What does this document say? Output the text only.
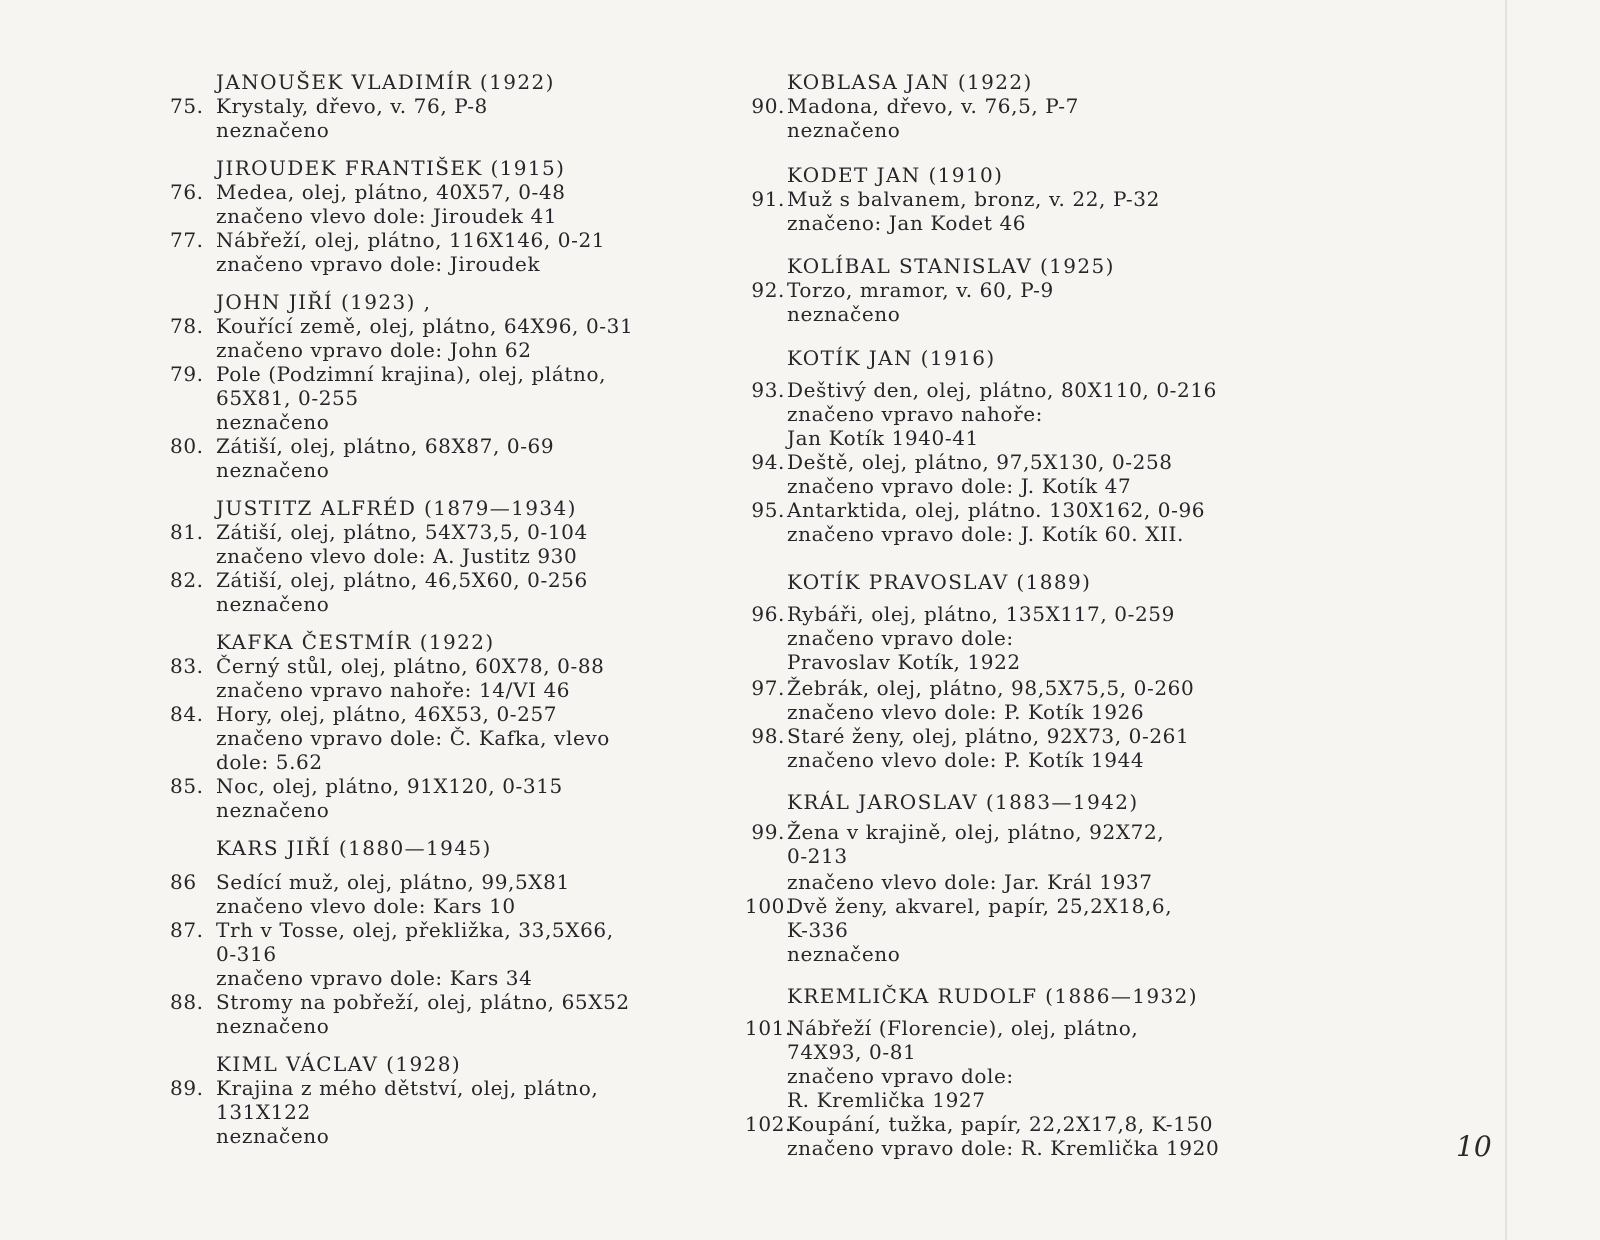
JANOUŠEK VLADIMÍR (1922)
75. Krystaly, dřevo, v. 76, P-8
neznačeno
JIROUDEK FRANTIŠEK (1915)
76. Medea, olej, plátno, 40X57, 0-48
značeno vlevo dole: Jiroudek 41
77. Nábřeží, olej, plátno, 116X146, 0-21
značeno vpravo dole: Jiroudek
JOHN JIŘÍ (1923) ,
78. Kouřící země, olej, plátno, 64X96, 0-31
značeno vpravo dole: John 62
79. Pole (Podzimní krajina), olej, plátno,
65X81, 0-255
neznačeno
80. Zátiší, olej, plátno, 68X87, 0-69
neznačeno
JUSTITZ ALFRÉD (1879—1934)
81. Zátiší, olej, plátno, 54X73,5, 0-104
značeno vlevo dole: A. Justitz 930
82. Zátiší, olej, plátno, 46,5X60, 0-256
neznačeno
KAFKA ČESTMÍR (1922)
83. Černý stůl, olej, plátno, 60X78, 0-88
značeno vpravo nahoře: 14/VI 46
84. Hory, olej, plátno, 46X53, 0-257
značeno vpravo dole: Č. Kafka, vlevo
dole: 5.62
85. Noc, olej, plátno, 91X120, 0-315
neznačeno
KARS JIŘÍ (1880—1945)
86 Sedící muž, olej, plátno, 99,5X81
značeno vlevo dole: Kars 10
87. Trh v Tosse, olej, překližka, 33,5X66,
0-316
značeno vpravo dole: Kars 34
88. Stromy na pobřeží, olej, plátno, 65X52
neznačeno
KIML VÁCLAV (1928)
89. Krajina z mého dětství, olej, plátno,
131X122
neznačeno
KOBLASA JAN (1922)
90. Madona, dřevo, v. 76,5, P-7
neznačeno
KODET JAN (1910)
91. Muž s balvanem, bronz, v. 22, P-32
značeno: Jan Kodet 46
KOLÍBAL STANISLAV (1925)
92. Torzo, mramor, v. 60, P-9
neznačeno
KOTÍK JAN (1916)
93. Deštivý den, olej, plátno, 80X110, 0-216
značeno vpravo nahoře:
Jan Kotík 1940-41
94. Deště, olej, plátno, 97,5X130, 0-258
značeno vpravo dole: J. Kotík 47
95. Antarktida, olej, plátno. 130X162, 0-96
značeno vpravo dole: J. Kotík 60. XII.
KOTÍK PRAVOSLAV (1889)
96. Rybáři, olej, plátno, 135X117, 0-259
značeno vpravo dole:
Pravoslav Kotík, 1922
97. Žebrák, olej, plátno, 98,5X75,5, 0-260
značeno vlevo dole: P. Kotík 1926
98. Staré ženy, olej, plátno, 92X73, 0-261
značeno vlevo dole: P. Kotík 1944
KRÁL JAROSLAV (1883—1942)
99. Žena v krajině, olej, plátno, 92X72,
0-213
značeno vlevo dole: Jar. Král 1937
100.
Dvě ženy, akvarel, papír, 25,2X18,6,
K-336
neznačeno
KREMLIČKA RUDOLF (1886—1932)
101.
Nábřeží (Florencie), olej, plátno,
74X93, 0-81
značeno vpravo dole:
R. Kremlička 1927
102.
Koupání, tužka, papír, 22,2X17,8, K-150
značeno vpravo dole: R. Kremlička 1920	10
